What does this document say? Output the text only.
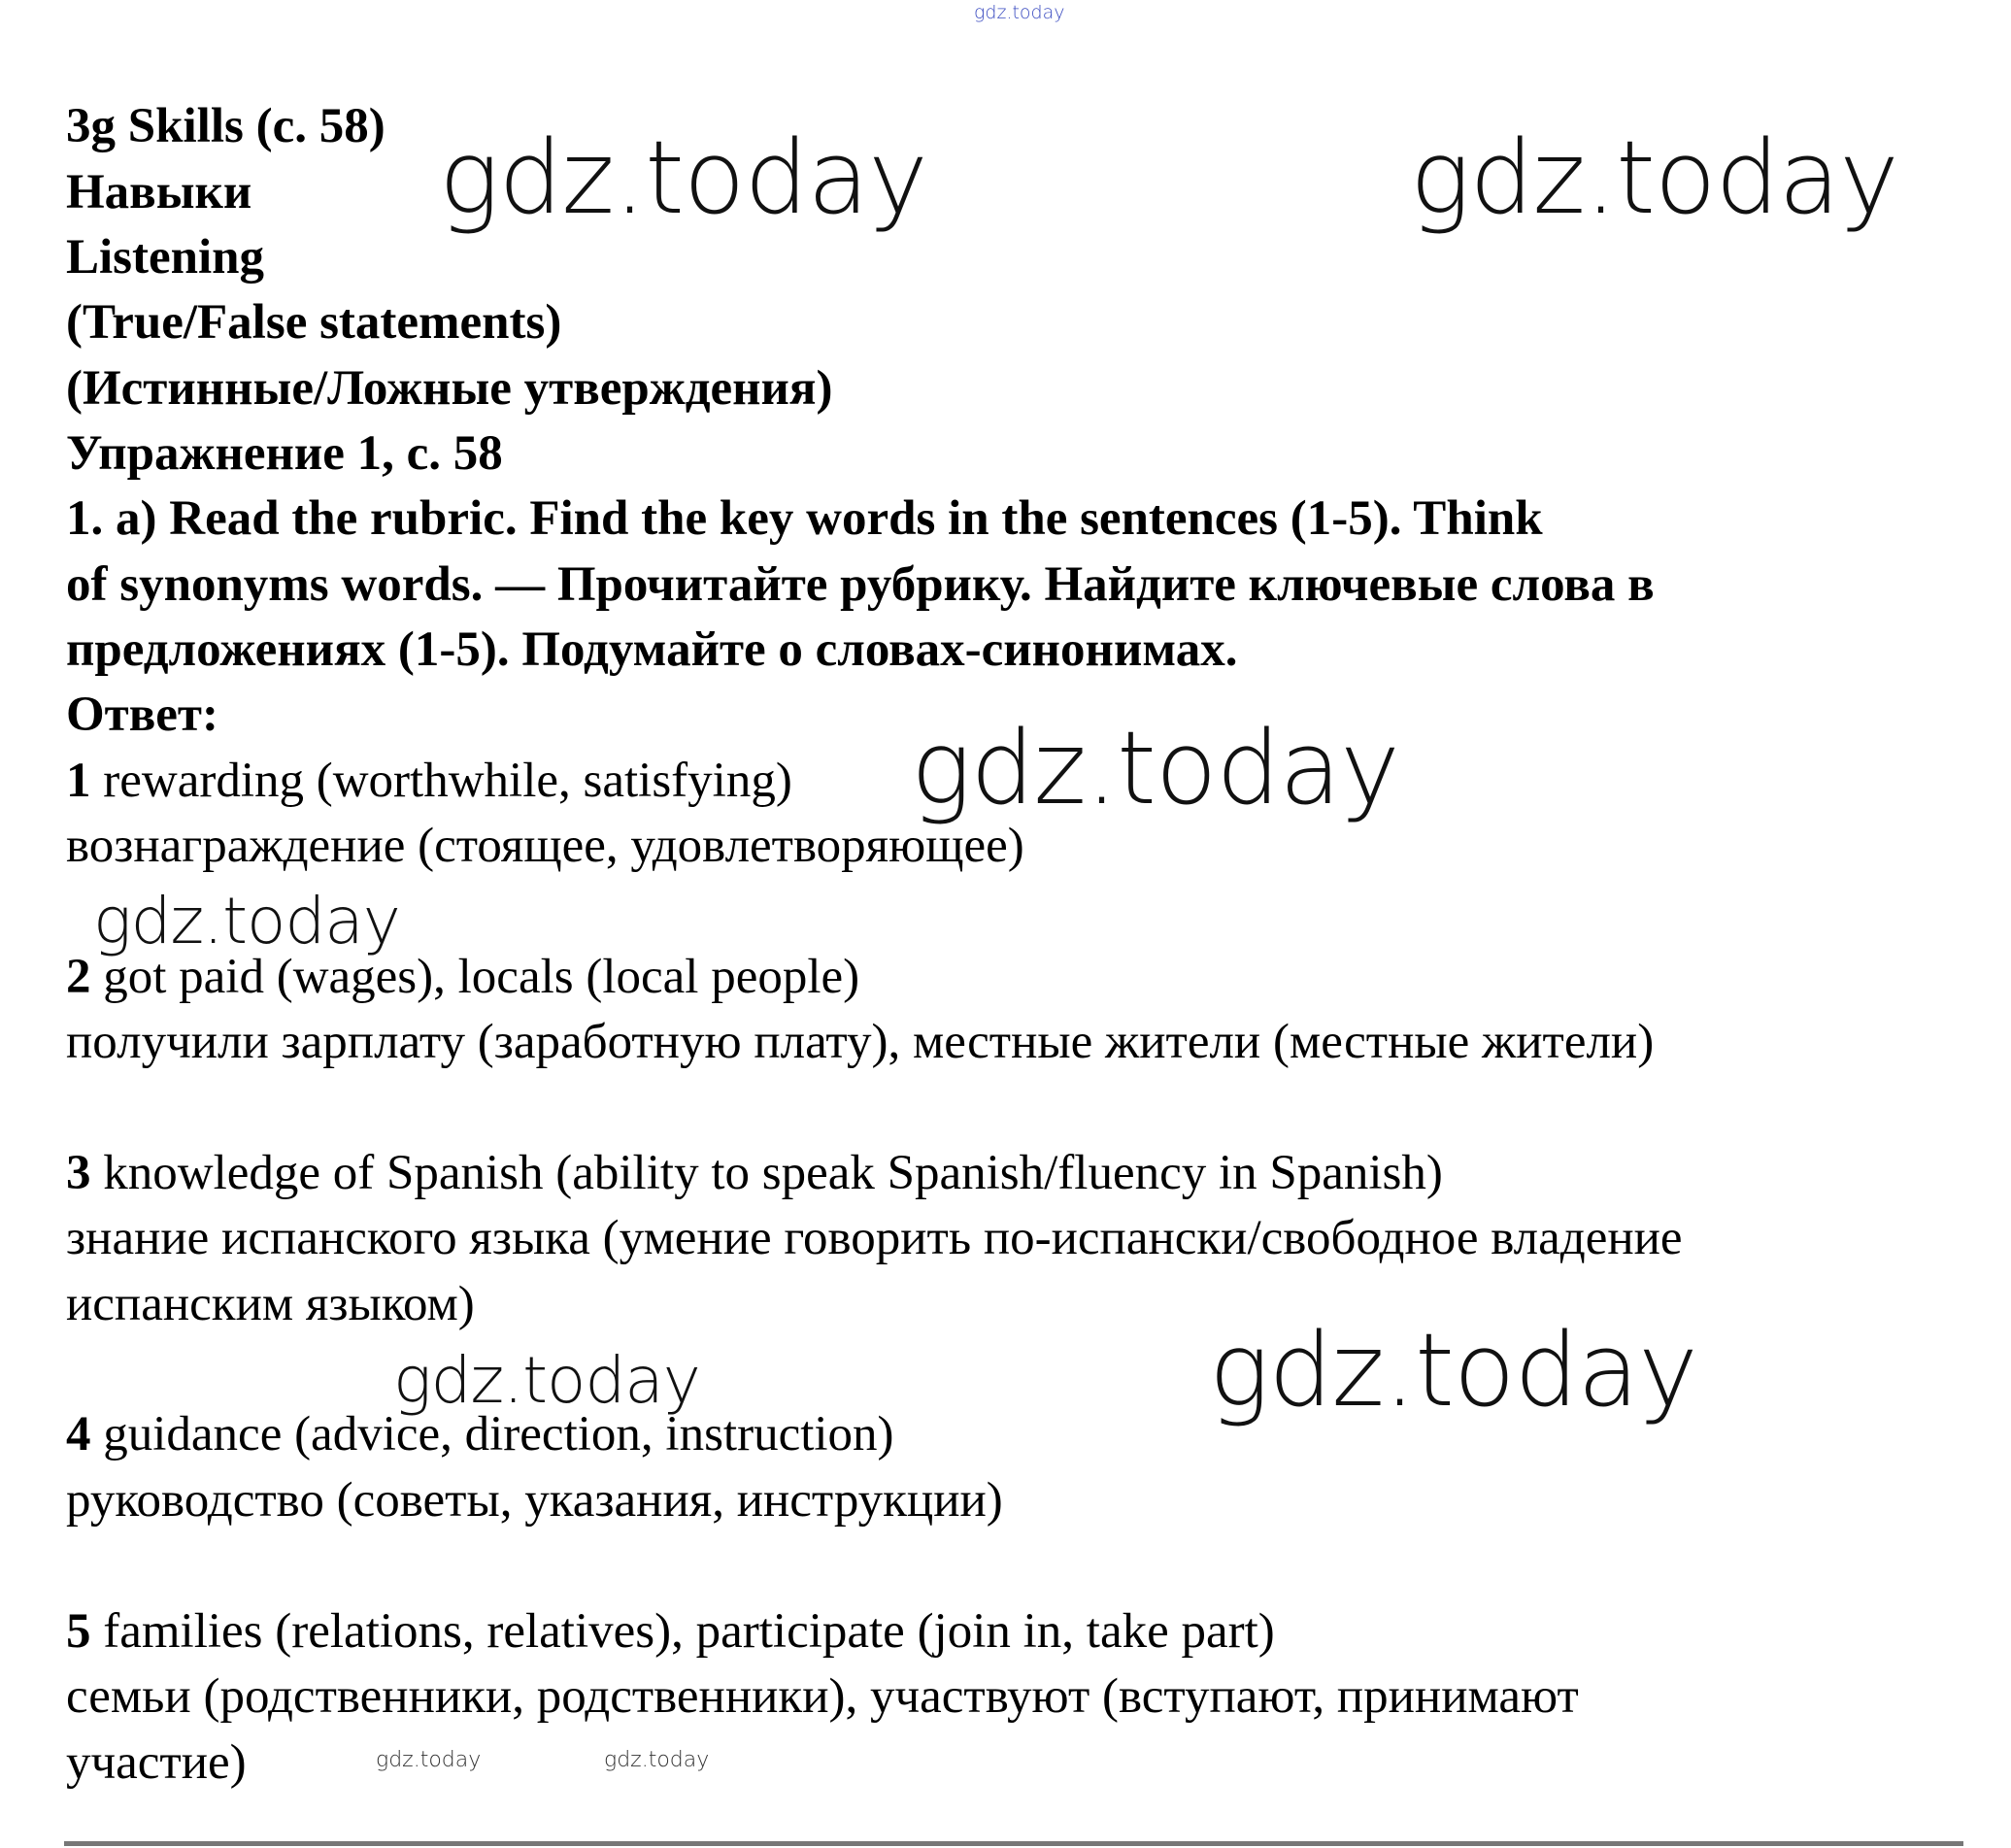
gdz.today
gdz.today	gdz.today
gdz.today
gdz.today
gdz.today	gdz.today
gdz.today	gdz.today
3g Skills (с. 58)
Навыки
Listening
(True/False statements)
(Истинные/Ложные утверждения)
Упражнение 1, с. 58
1. a) Read the rubric. Find the key words in the sentences (1-5). Think
of synonyms words. — Прочитайте рубрику. Найдите ключевые слова в
предложениях (1-5). Подумайте о словах-синонимах.
Ответ:
1 rewarding (worthwhile, satisfying)
вознаграждение (стоящее, удовлетворяющее)
2 got paid (wages), locals (local people)
получили зарплату (заработную плату), местные жители (местные жители)
3 knowledge of Spanish (ability to speak Spanish/fluency in Spanish)
знание испанского языка (умение говорить по-испански/свободное владение
испанским языком)
4 guidance (advice, direction, instruction)
руководство (советы, указания, инструкции)
5 families (relations, relatives), participate (join in, take part)
семьи (родственники, родственники), участвуют (вступают, принимают
участие)
